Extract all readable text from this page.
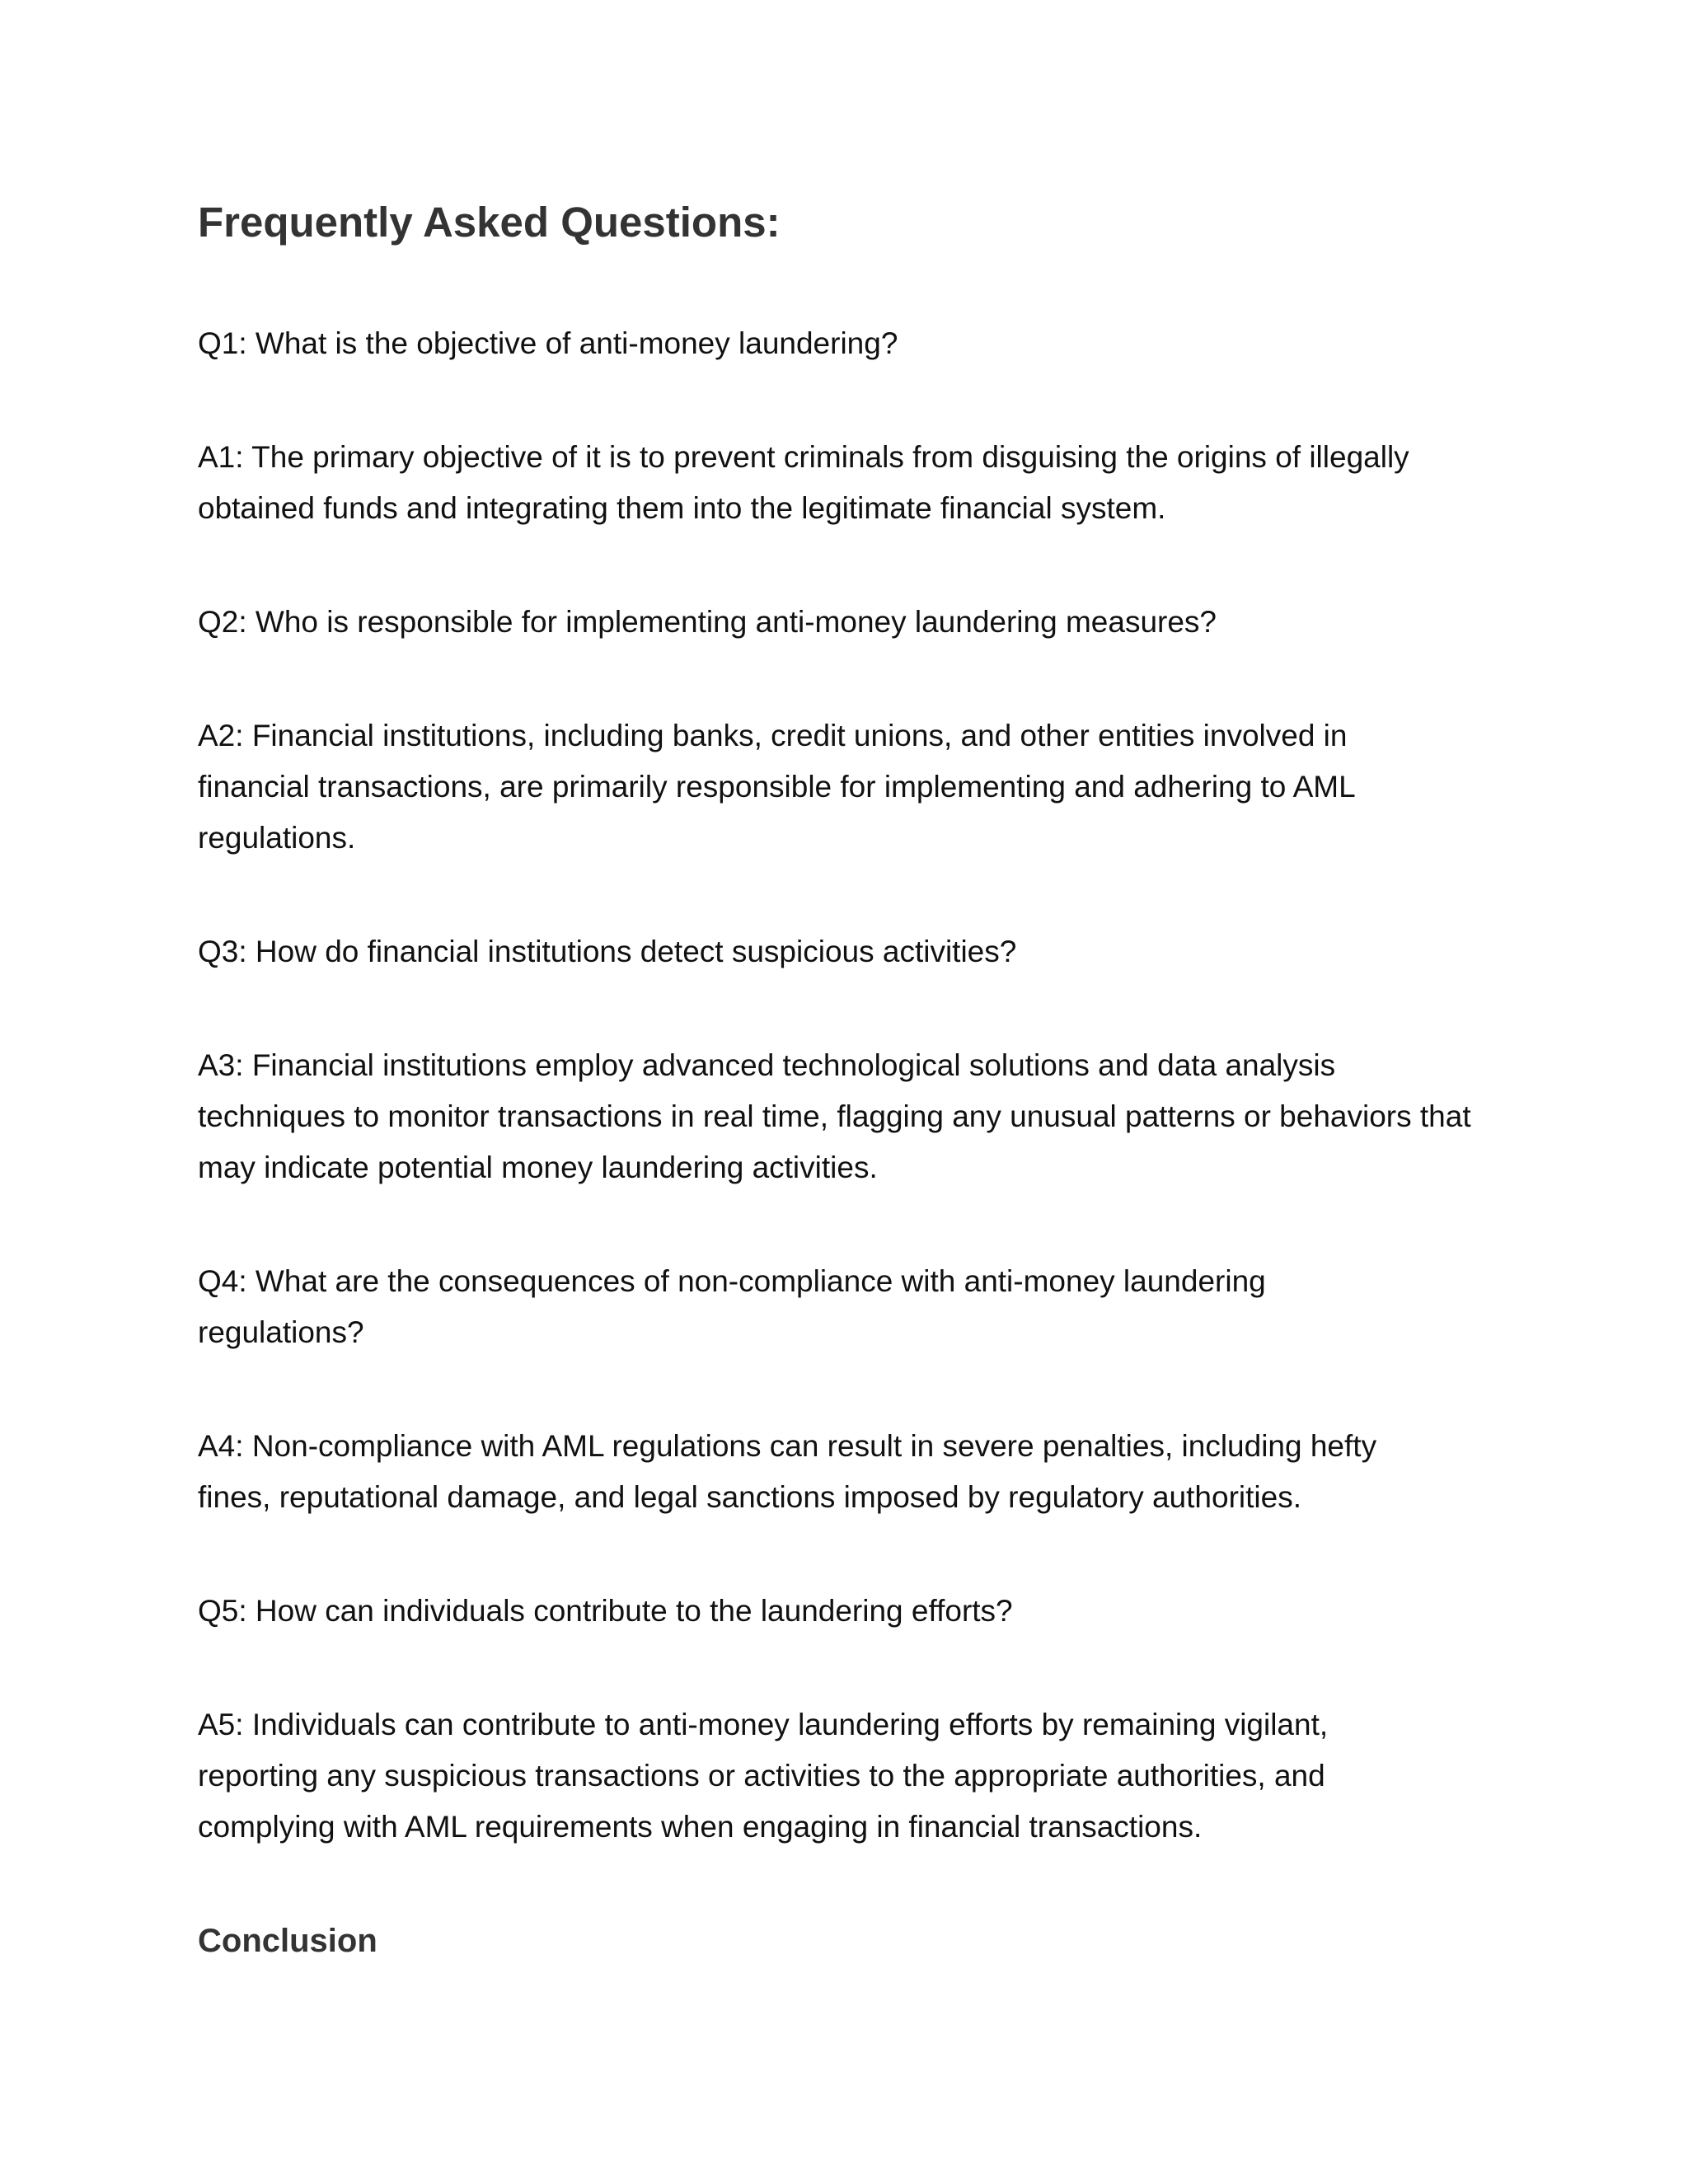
Frequently Asked Questions:

Q1: What is the objective of anti-money laundering?

A1: The primary objective of it is to prevent criminals from disguising the origins of illegally obtained funds and integrating them into the legitimate financial system.

Q2: Who is responsible for implementing anti-money laundering measures?

A2: Financial institutions, including banks, credit unions, and other entities involved in financial transactions, are primarily responsible for implementing and adhering to AML regulations.

Q3: How do financial institutions detect suspicious activities?

A3: Financial institutions employ advanced technological solutions and data analysis techniques to monitor transactions in real time, flagging any unusual patterns or behaviors that may indicate potential money laundering activities.

Q4: What are the consequences of non-compliance with anti-money laundering regulations?

A4: Non-compliance with AML regulations can result in severe penalties, including hefty fines, reputational damage, and legal sanctions imposed by regulatory authorities.

Q5: How can individuals contribute to the laundering efforts?

A5: Individuals can contribute to anti-money laundering efforts by remaining vigilant, reporting any suspicious transactions or activities to the appropriate authorities, and complying with AML requirements when engaging in financial transactions.

Conclusion
